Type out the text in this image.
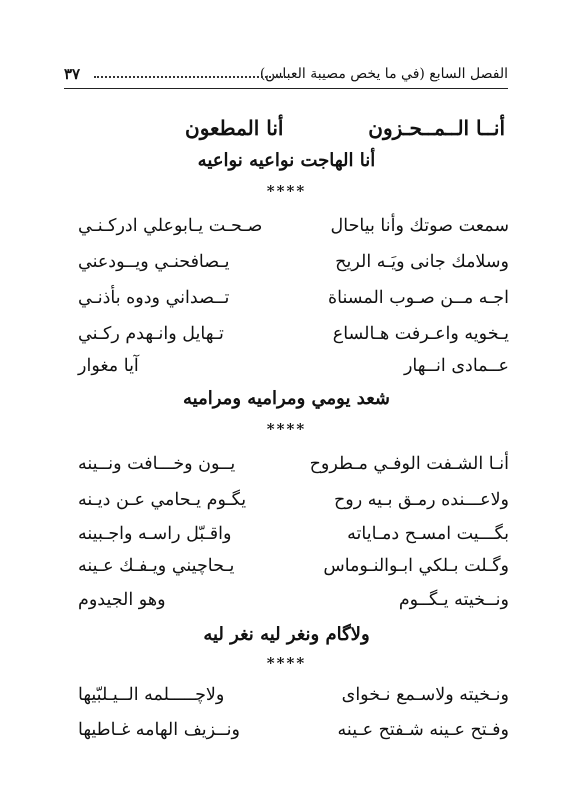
الفصل السابع (في ما يخص مصيبة العباس)
٣٧
أنــا الــمــحـزون
أنا المطعون
أنا الهاجت نواعيه نواعيه
****
سمعت صوتك وأنا بياحال
صـحـت يـابوعلي ادركـنـي
وسلامك جانى ويَـه الريح
يـصافحنـي ويــودعني
اجـه مــن صـوب المسناة
تــصداني ودوه بأذنـي
يـخويه واعـرفت هـالساع
تـهايل وانـهدم ركـني
عــمادى انــهار
آيا مغوار
شعد يومي ومراميه ومراميه
****
أنـا الشـفت الوفـي مـطروح
يــون وخـــافت ونــينه
ولاعـــنده رمـق بـيه روح
يگـوم يـحامي عـن ديـنه
بگـــيت امسـح دمـاياته
واقـبّل راسـه واجـبينه
وگـلت بـلكي ابـوالنـوماس
يـحاچيني ويـفـك عـينه
ونــخيته يـگــوم
وهو الجيدوم
ولاگام ونغر ليه نغر ليه
****
ونـخيته ولاسـمع نـخواى
ولاچـــــلمه الــيـلبّيها
وفـتح عـينه شـفتح عـينه
ونــزيف الهامه غـاطيها
